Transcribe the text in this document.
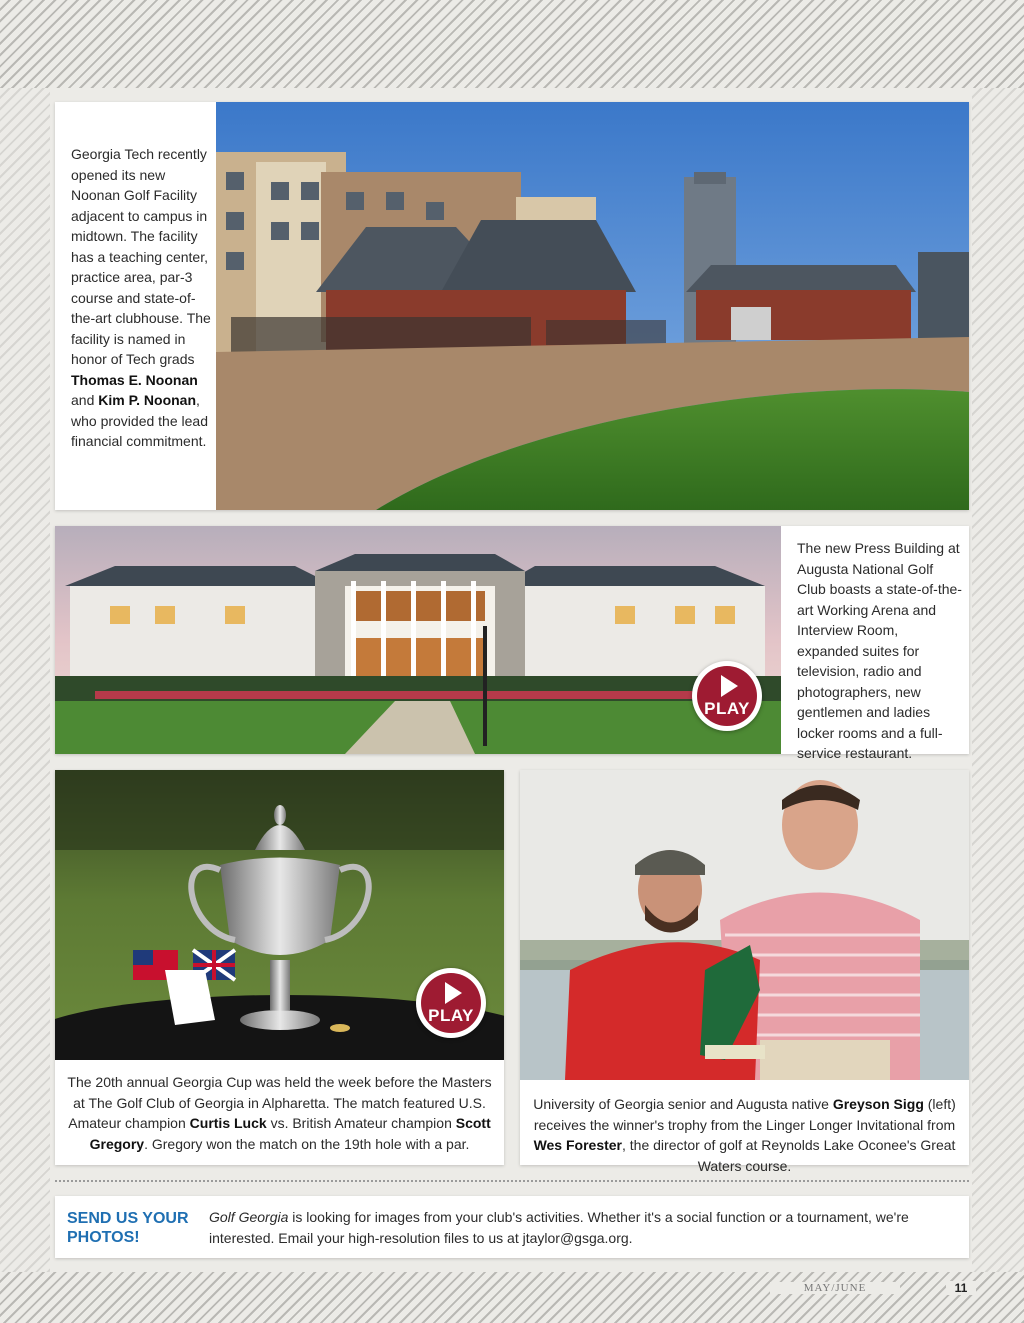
Georgia Tech recently opened its new Noonan Golf Facility adjacent to campus in midtown. The facility has a teaching center, practice area, par-3 course and state-of-the-art clubhouse. The facility is named in honor of Tech grads Thomas E. Noonan and Kim P. Noonan, who provided the lead financial commitment.
The new Press Building at Augusta National Golf Club boasts a state-of-the-art Working Arena and Interview Room, expanded suites for television, radio and photographers, new gentlemen and ladies locker rooms and a full-service restaurant.
PLAY
The 20th annual Georgia Cup was held the week before the Masters at The Golf Club of Georgia in Alpharetta. The match featured U.S. Amateur champion Curtis Luck vs. British Amateur champion Scott Gregory. Gregory won the match on the 19th hole with a par.
PLAY
University of Georgia senior and Augusta native Greyson Sigg (left) receives the winner's trophy from the Linger Longer Invitational from Wes Forester, the director of golf at Reynolds Lake Oconee's Great Waters course.
SEND US YOUR PHOTOS!
Golf Georgia is looking for images from your club's activities. Whether it's a social function or a tournament, we're interested. Email your high-resolution files to us at jtaylor@gsga.org.
MAY/JUNE	11
